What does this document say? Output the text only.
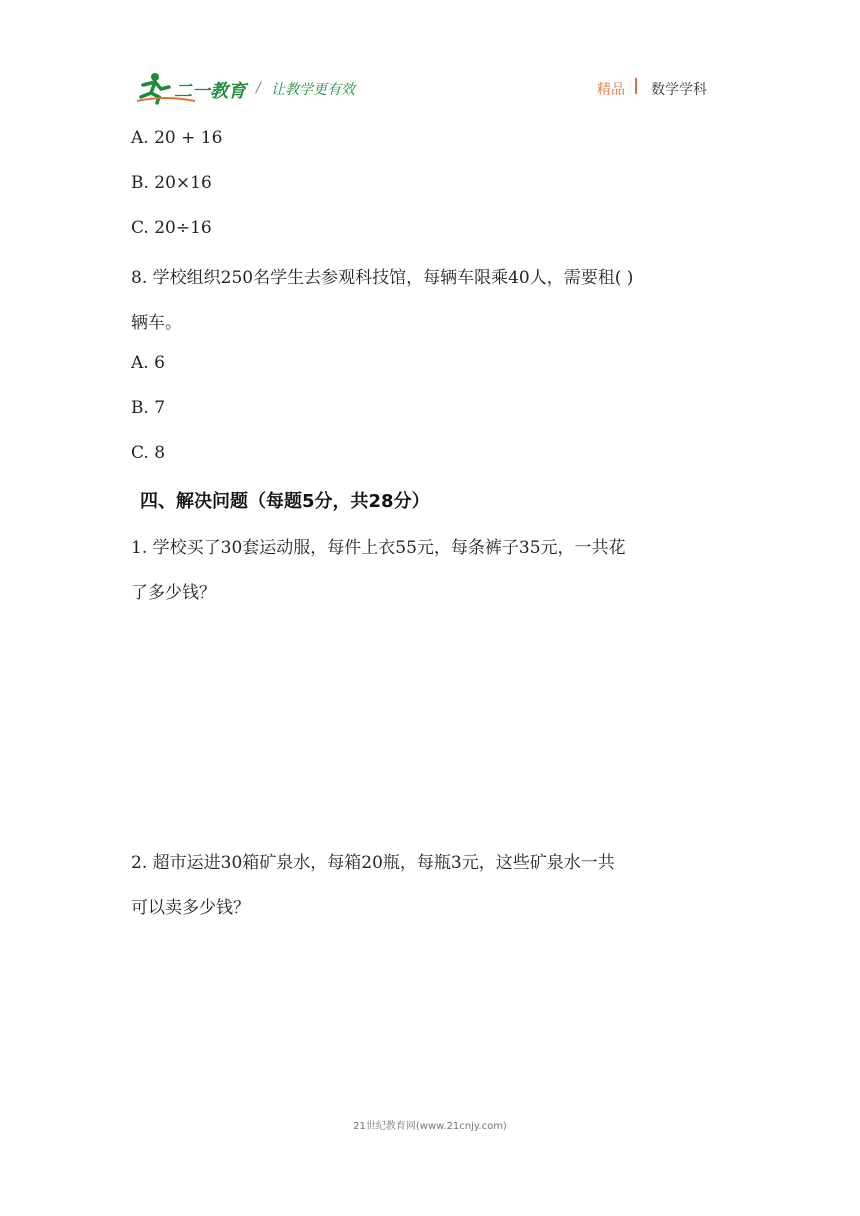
二一教育 / 让教学更有效	精品 数学学科
A. 20 + 16
B. 20×16
C. 20÷16
8. 学校组织250名学生去参观科技馆，每辆车限乘40人，需要租( )
辆车。
A. 6
B. 7
C. 8
四、解决问题（每题5分，共28分）
1. 学校买了30套运动服，每件上衣55元，每条裤子35元，一共花
了多少钱？
2. 超市运进30箱矿泉水，每箱20瓶，每瓶3元，这些矿泉水一共
可以卖多少钱？
21世纪教育网(www.21cnjy.com)
